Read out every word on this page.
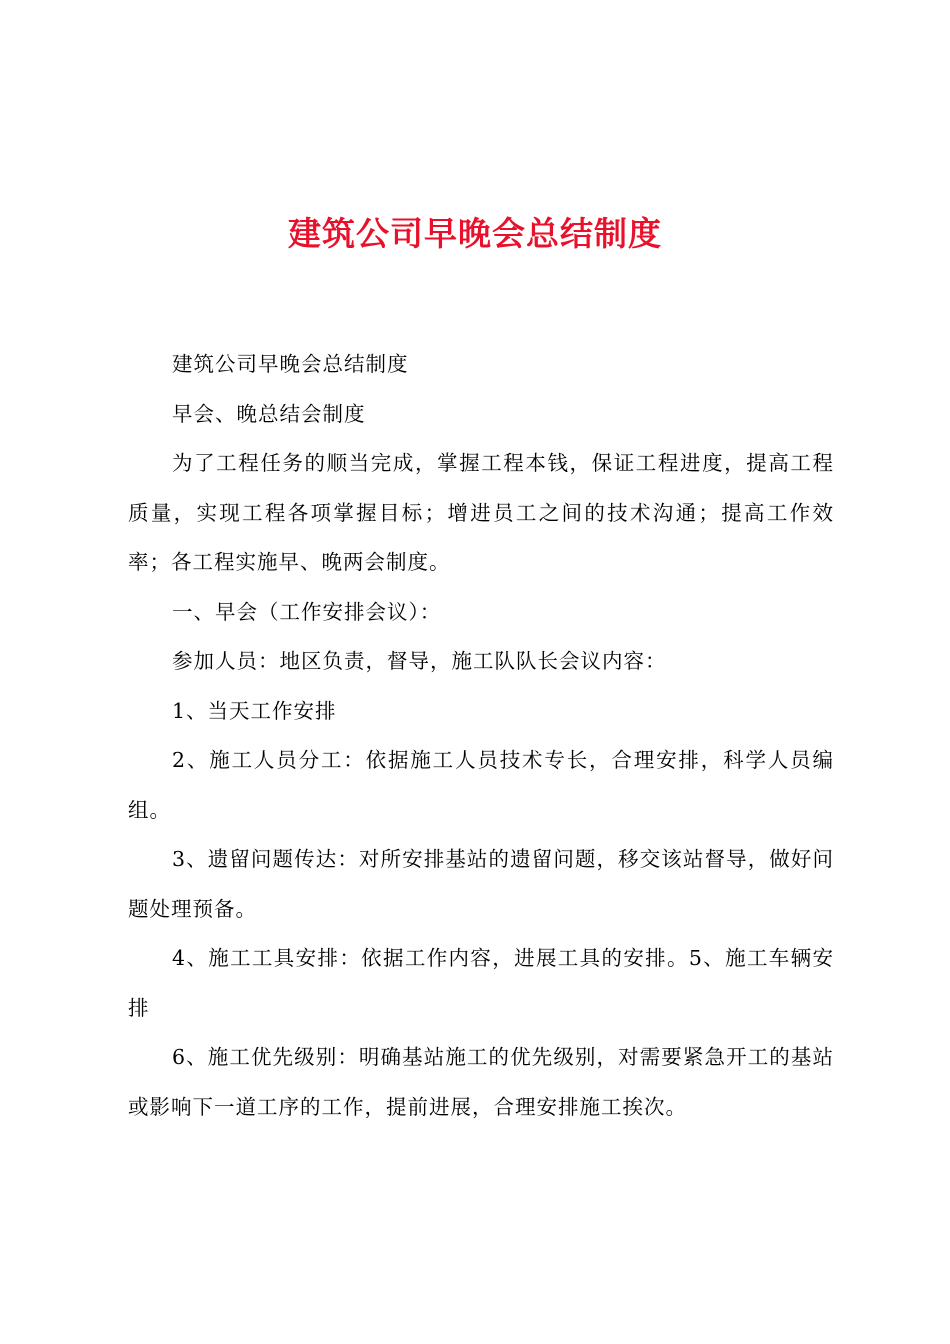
建筑公司早晚会总结制度

建筑公司早晚会总结制度

早会、晚总结会制度

为了工程任务的顺当完成，掌握工程本钱，保证工程进度，提高工程质量，实现工程各项掌握目标；增进员工之间的技术沟通；提高工作效率；各工程实施早、晚两会制度。

一、早会（工作安排会议）：

参加人员：地区负责，督导，施工队队长会议内容：

1、当天工作安排

2、施工人员分工：依据施工人员技术专长，合理安排，科学人员编组。

3、遗留问题传达：对所安排基站的遗留问题，移交该站督导，做好问题处理预备。

4、施工工具安排：依据工作内容，进展工具的安排。5、施工车辆安排

6、施工优先级别：明确基站施工的优先级别，对需要紧急开工的基站或影响下一道工序的工作，提前进展，合理安排施工挨次。
